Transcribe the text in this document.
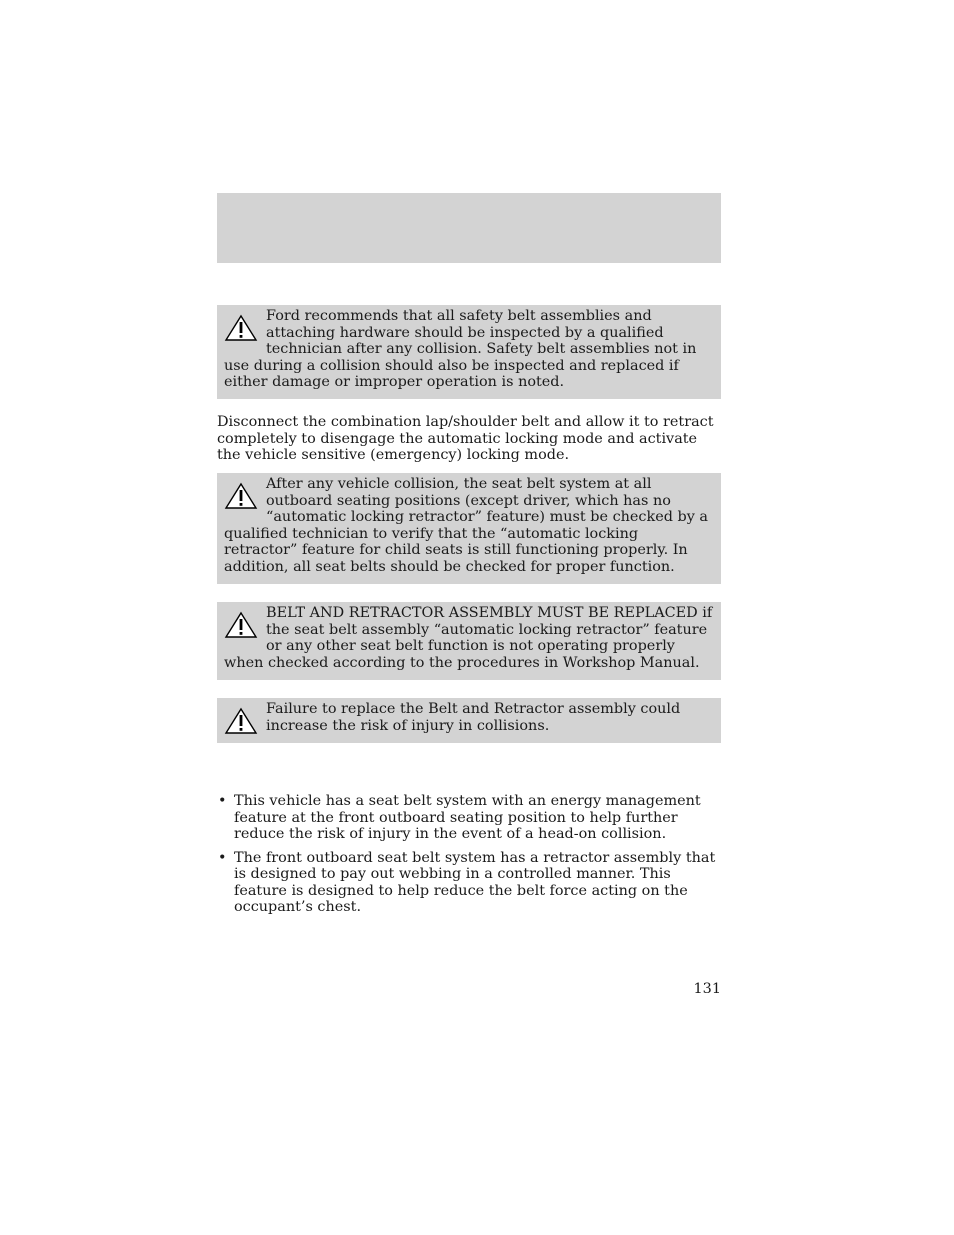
Ford recommends that all safety belt assemblies and attaching hardware should be inspected by a qualified technician after any collision. Safety belt assemblies not in use during a collision should also be inspected and replaced if either damage or improper operation is noted.

Disconnect the combination lap/shoulder belt and allow it to retract completely to disengage the automatic locking mode and activate the vehicle sensitive (emergency) locking mode.

After any vehicle collision, the seat belt system at all outboard seating positions (except driver, which has no “automatic locking retractor” feature) must be checked by a qualified technician to verify that the “automatic locking retractor” feature for child seats is still functioning properly. In addition, all seat belts should be checked for proper function.

BELT AND RETRACTOR ASSEMBLY MUST BE REPLACED if the seat belt assembly “automatic locking retractor” feature or any other seat belt function is not operating properly when checked according to the procedures in Workshop Manual.

Failure to replace the Belt and Retractor assembly could increase the risk of injury in collisions.

• This vehicle has a seat belt system with an energy management feature at the front outboard seating position to help further reduce the risk of injury in the event of a head-on collision.
• The front outboard seat belt system has a retractor assembly that is designed to pay out webbing in a controlled manner. This feature is designed to help reduce the belt force acting on the occupant’s chest.

131
